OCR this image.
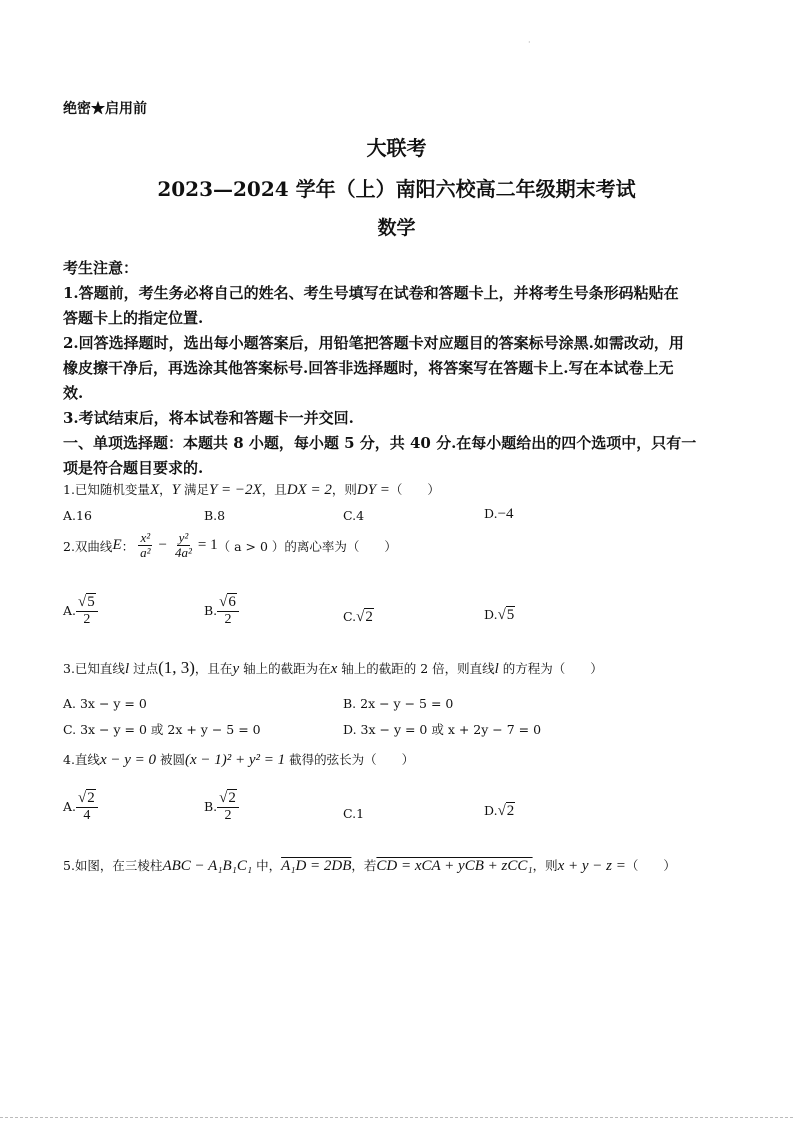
·
绝密★启用前
大联考
2023—2024 学年（上）南阳六校高二年级期末考试
数学
考生注意：
1.答题前，考生务必将自己的姓名、考生号填写在试卷和答题卡上，并将考生号条形码粘贴在
答题卡上的指定位置.
2.回答选择题时，选出每小题答案后，用铅笔把答题卡对应题目的答案标号涂黑.如需改动，用
橡皮擦干净后，再选涂其他答案标号.回答非选择题时，将答案写在答题卡上.写在本试卷上无
效.
3.考试结束后，将本试卷和答题卡一并交回.
一、单项选择题：本题共 8 小题，每小题 5 分，共 40 分.在每小题给出的四个选项中，只有一
项是符合题目要求的.
1.已知随机变量X，Y 满足Y = −2X，且DX = 2，则DY =（　　）
A.16	B.8	C.4	D.−4
2.双曲线 E ： $\frac{\text{x²}}{\text{a²}} - \frac{\text{y²}}{\text{4a²}} = 1$ （ a > 0 ）的离心率为（　　）
A. $\frac{√5}{2}$	B. $\frac{√6}{2}$	C.√2	D.√5
3.已知直线l 过点(1, 3)，且在y 轴上的截距为在x 轴上的截距的 2 倍，则直线l 的方程为（　　）
A. 3x − y = 0	B. 2x − y − 5 = 0
C. 3x − y = 0 或 2x + y − 5 = 0	D. 3x − y = 0 或 x + 2y − 7 = 0
4.直线x − y = 0 被圆(x − 1)² + y² = 1 截得的弦长为（　　）
A. $\frac{√2}{4}$	B. $\frac{√2}{2}$	C.1	D.√2
5.如图，在三棱柱ABC − A₁B₁C₁ 中，A₁D = 2DB，若CD = xCA + yCB + zCC₁，则x + y − z =（　　）
